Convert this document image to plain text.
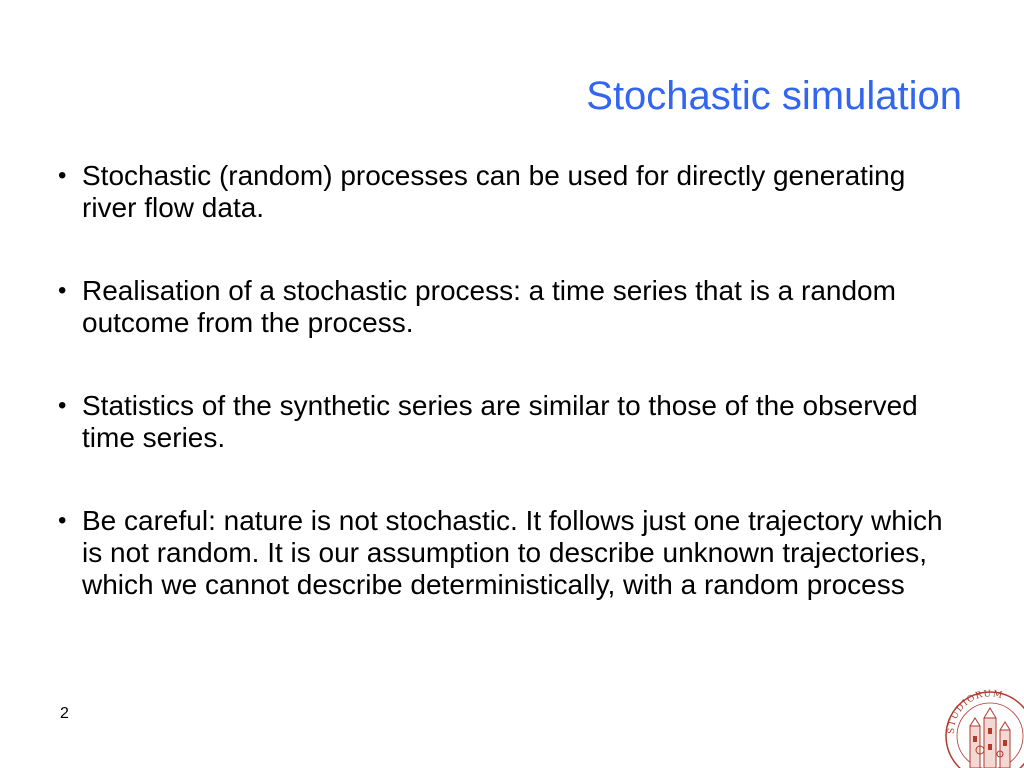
Stochastic simulation
• Stochastic (random) processes can be used for directly generating river flow data.
• Realisation of a stochastic process: a time series that is a random outcome from the process.
• Statistics of the synthetic series are similar to those of the observed time series.
• Be careful: nature is not stochastic. It follows just one trajectory which is not random. It is our assumption to describe unknown trajectories, which we cannot describe deterministically, with a random process
2
STUDIORUM
